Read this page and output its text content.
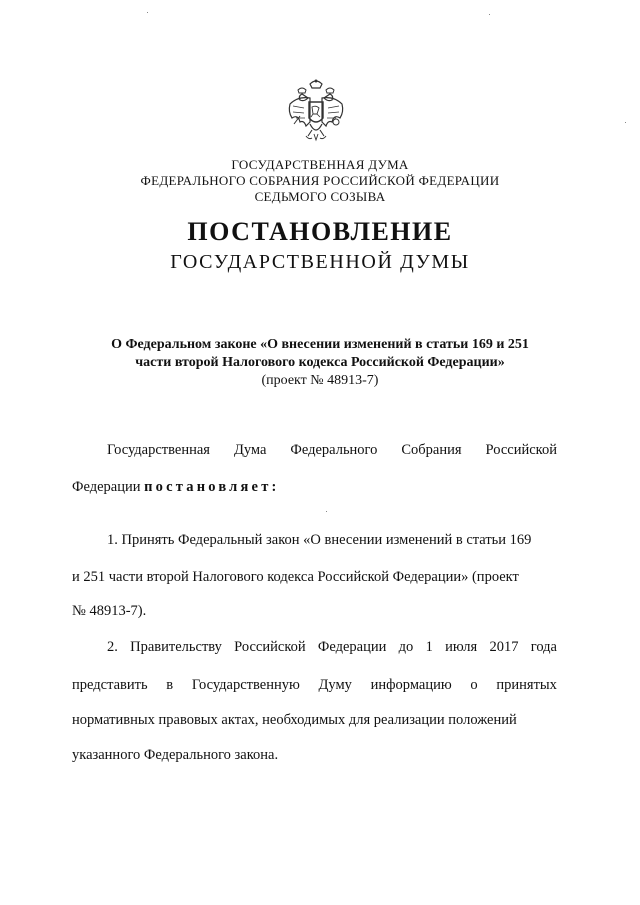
ГОСУДАРСТВЕННАЯ ДУМА
ФЕДЕРАЛЬНОГО СОБРАНИЯ РОССИЙСКОЙ ФЕДЕРАЦИИ
СЕДЬМОГО СОЗЫВА
ПОСТАНОВЛЕНИЕ
ГОСУДАРСТВЕННОЙ ДУМЫ
О Федеральном законе «О внесении изменений в статьи 169 и 251
части второй Налогового кодекса Российской Федерации»
(проект № 48913-7)
Государственная Дума Федерального Собрания Российской
Федерации постановляет:
1. Принять Федеральный закон «О внесении изменений в статьи 169
и 251 части второй Налогового кодекса Российской Федерации» (проект
№ 48913-7).
2. Правительству Российской Федерации до 1 июля 2017 года
представить в Государственную Думу информацию о принятых
нормативных правовых актах, необходимых для реализации положений
указанного Федерального закона.
